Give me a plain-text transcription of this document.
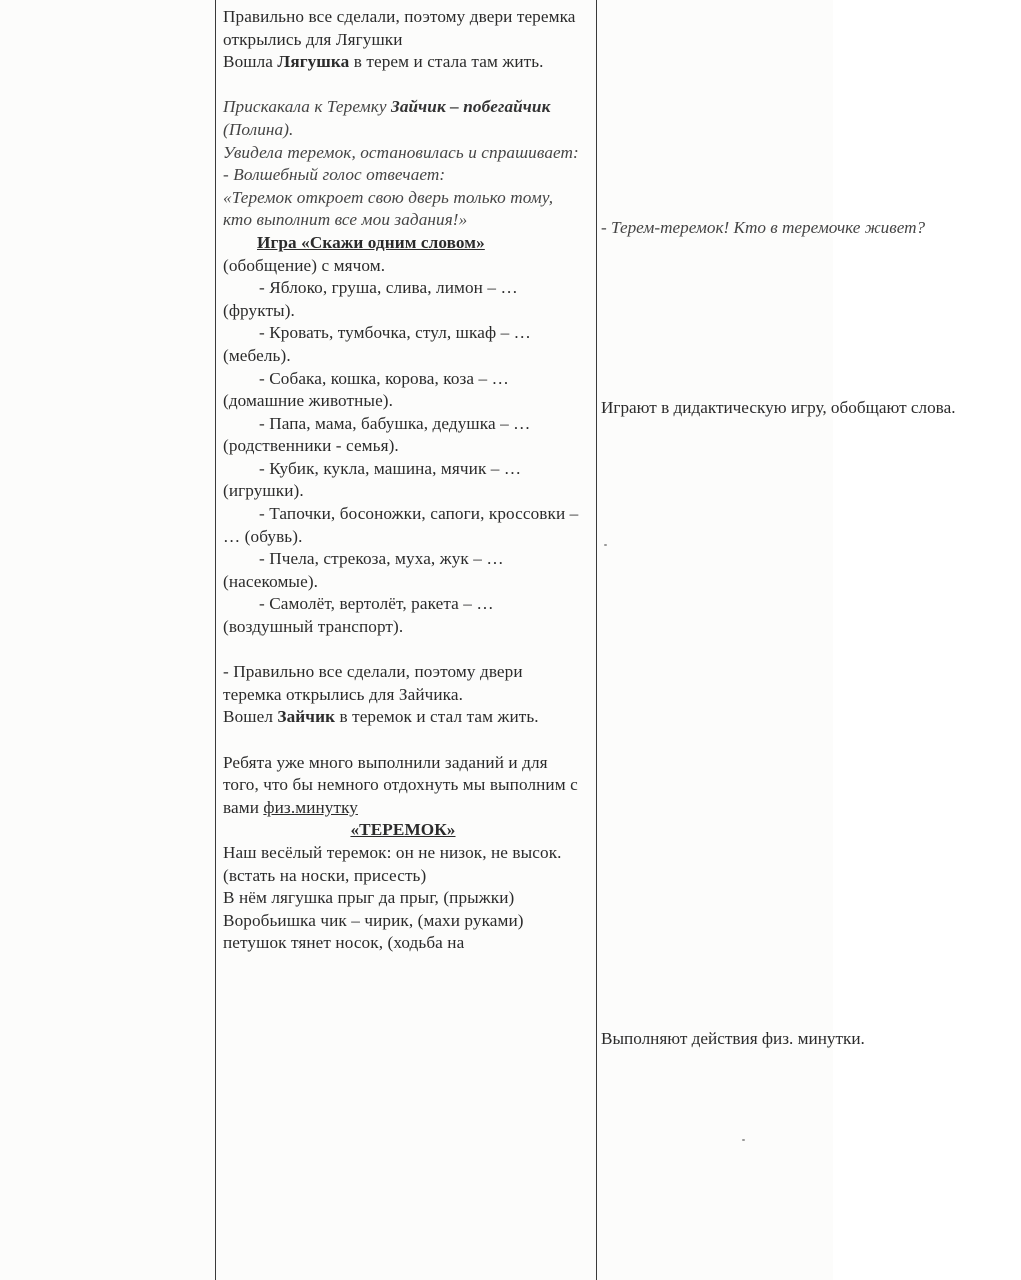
Правильно все сделали, поэтому двери теремка открылись для Лягушки

Вошла Лягушка в терем и стала там жить.

Прискакала к Теремку Зайчик – побегайчик (Полина).

Увидела теремок, остановилась и спрашивает:

- Волшебный голос отвечает:

«Теремок откроет свою дверь только тому, кто выполнит все мои задания!»

Игра «Скажи одним словом»

(обобщение) с мячом.

- Яблоко, груша, слива, лимон – … (фрукты).

- Кровать, тумбочка, стул, шкаф – … (мебель).

- Собака, кошка, корова, коза – … (домашние животные).

- Папа, мама, бабушка, дедушка – … (родственники - семья).

- Кубик, кукла, машина, мячик – … (игрушки).

- Тапочки, босоножки, сапоги, кроссовки – … (обувь).

- Пчела, стрекоза, муха, жук – … (насекомые).

- Самолёт, вертолёт, ракета – … (воздушный транспорт).

- Правильно все сделали, поэтому двери теремка открылись для Зайчика.

Вошел Зайчик в теремок и стал там жить.

Ребята уже много выполнили заданий и для того, что бы немного отдохнуть мы выполним с вами физ.минутку

«ТЕРЕМОК»

Наш весёлый теремок: он не низок, не высок. (встать на носки, присесть)

В нём лягушка прыг да прыг, (прыжки)

Воробьишка чик – чирик, (махи руками)

петушок тянет носок, (ходьба на

- Терем-теремок! Кто в теремочке живет?

Играют в дидактическую игру, обобщают слова.

Выполняют действия физ. минутки.
